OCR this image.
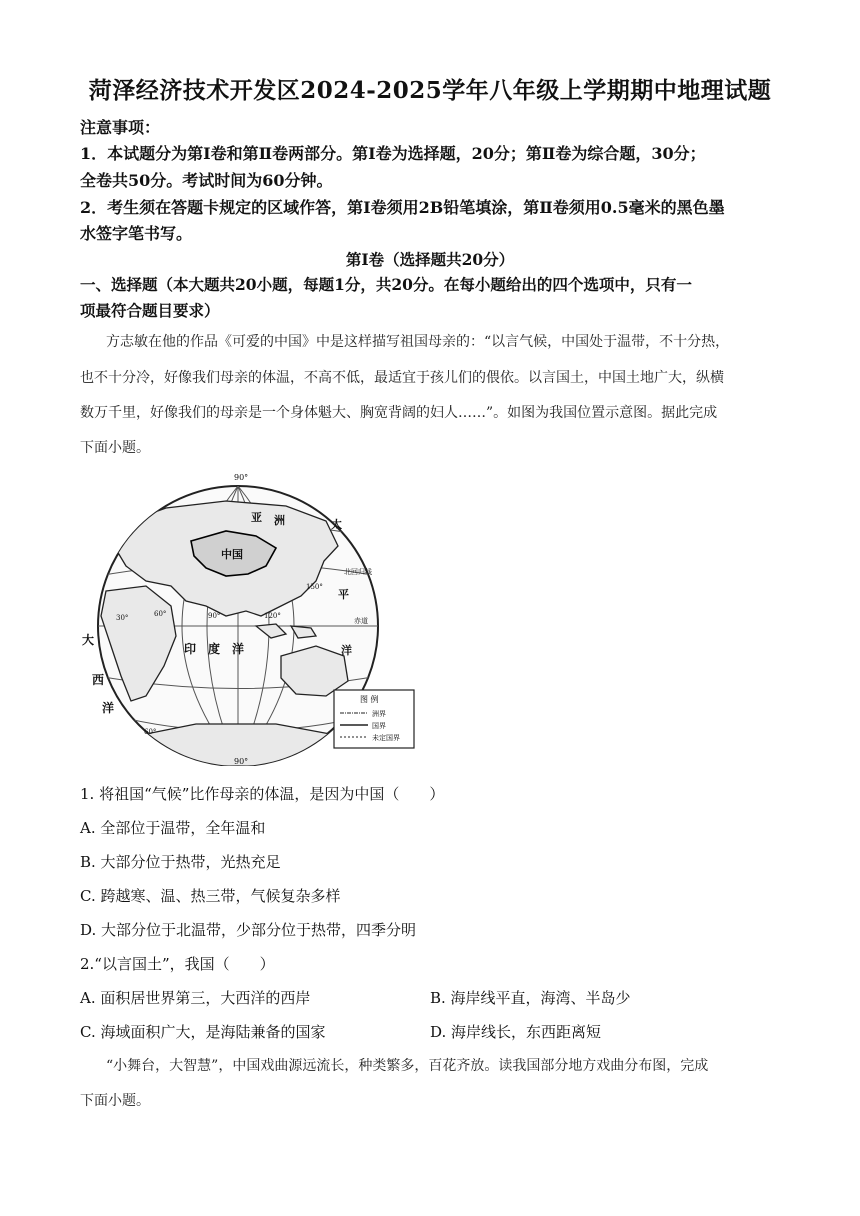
菏泽经济技术开发区2024-2025学年八年级上学期期中地理试题
注意事项：
1．本试题分为第Ⅰ卷和第Ⅱ卷两部分。第Ⅰ卷为选择题，20分；第Ⅱ卷为综合题，30分；
全卷共50分。考试时间为60分钟。
2．考生须在答题卡规定的区域作答，第Ⅰ卷须用2B铅笔填涂，第Ⅱ卷须用0.5毫米的黑色墨
水签字笔书写。
第Ⅰ卷（选择题共20分）
一、选择题（本大题共20小题，每题1分，共20分。在每小题给出的四个选项中，只有一
项最符合题目要求）
方志敏在他的作品《可爱的中国》中是这样描写祖国母亲的：“以言气候，中国处于温带，不十分热，
也不十分冷，好像我们母亲的体温，不高不低，最适宜于孩儿们的偎依。以言国土，中国土地广大，纵横
数万千里，好像我们的母亲是一个身体魁大、胸宽背阔的妇人……”。如图为我国位置示意图。据此完成
下面小题。
90°
90°
亚 洲
中国
太
平
洋
北回归线
赤道
30°	60°	90°	120°
150°
印 度 洋
大
西
洋
60°
图 例
洲界
国界
未定国界
1. 将祖国“气候”比作母亲的体温，是因为中国（　　）
A. 全部位于温带，全年温和
B. 大部分位于热带，光热充足
C. 跨越寒、温、热三带，气候复杂多样
D. 大部分位于北温带，少部分位于热带，四季分明
2.“以言国土”，我国（　　）
A. 面积居世界第三，大西洋的西岸	B. 海岸线平直，海湾、半岛少
C. 海域面积广大，是海陆兼备的国家	D. 海岸线长，东西距离短
“小舞台，大智慧”，中国戏曲源远流长，种类繁多，百花齐放。读我国部分地方戏曲分布图，完成
下面小题。
